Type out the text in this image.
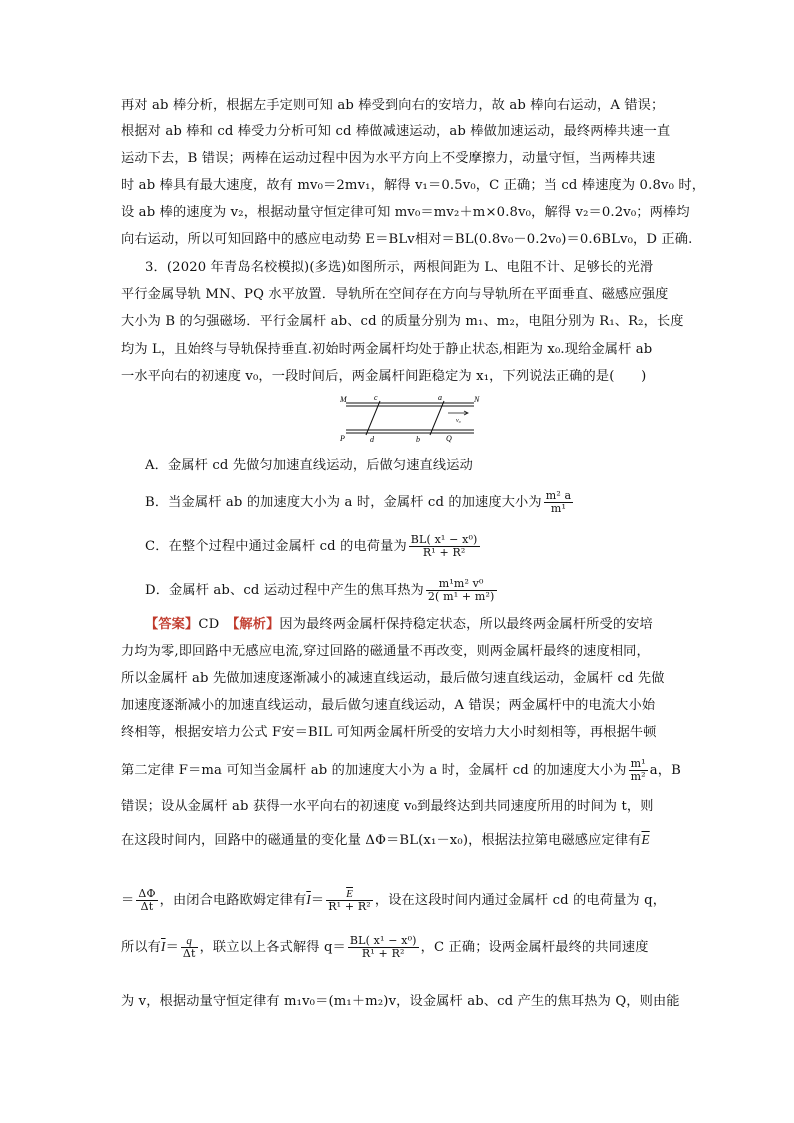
再对 ab 棒分析，根据左手定则可知 ab 棒受到向右的安培力，故 ab 棒向右运动，A 错误；
根据对 ab 棒和 cd 棒受力分析可知 cd 棒做减速运动，ab 棒做加速运动，最终两棒共速一直
运动下去，B 错误；两棒在运动过程中因为水平方向上不受摩擦力，动量守恒，当两棒共速
时 ab 棒具有最大速度，故有 mv₀＝2mv₁，解得 v₁＝0.5v₀，C 正确；当 cd 棒速度为 0.8v₀ 时，
设 ab 棒的速度为 v₂，根据动量守恒定律可知 mv₀＝mv₂＋m×0.8v₀，解得 v₂＝0.2v₀；两棒均
向右运动，所以可知回路中的感应电动势 E＝BLv相对＝BL(0.8v₀－0.2v₀)＝0.6BLv₀，D 正确.
3．(2020 年青岛名校模拟)(多选)如图所示，两根间距为 L、电阻不计、足够长的光滑
平行金属导轨 MN、PQ 水平放置．导轨所在空间存在方向与导轨所在平面垂直、磁感应强度
大小为 B 的匀强磁场．平行金属杆 ab、cd 的质量分别为 m₁、m₂，电阻分别为 R₁、R₂，长度
均为 L，且始终与导轨保持垂直.初始时两金属杆均处于静止状态,相距为 x₀.现给金属杆 ab
一水平向右的初速度 v₀，一段时间后，两金属杆间距稳定为 x₁，下列说法正确的是(　　)
M	N
P	Q
c	a
d	b
v₀
A．金属杆 cd 先做匀加速直线运动，后做匀速直线运动
B．当金属杆 ab 的加速度大小为 a 时，金属杆 cd 的加速度大小为 $\frac{\text{m² a}}{\text{m¹}}$
C．在整个过程中通过金属杆 cd 的电荷量为 $\frac{\text{BL( x¹ − x⁰)}}{\text{R¹ + R²}}$
D．金属杆 ab、cd 运动过程中产生的焦耳热为 $\frac{\text{m¹m² v⁰}}{\text{2( m¹ + m²)}}$
【答案】CD　 【解析】因为最终两金属杆保持稳定状态，所以最终两金属杆所受的安培
力均为零,即回路中无感应电流,穿过回路的磁通量不再改变，则两金属杆最终的速度相同，
所以金属杆 ab 先做加速度逐渐减小的减速直线运动，最后做匀速直线运动，金属杆 cd 先做
加速度逐渐减小的加速直线运动，最后做匀速直线运动，A 错误；两金属杆中的电流大小始
终相等，根据安培力公式 F安＝BIL 可知两金属杆所受的安培力大小时刻相等，再根据牛顿
第二定律 F＝ma 可知当金属杆 ab 的加速度大小为 a 时，金属杆 cd 的加速度大小为 $\frac{\text{m¹}}{\text{m²}}$ a，B
错误；设从金属杆 ab 获得一水平向右的初速度 v₀到最终达到共同速度所用的时间为 t，则
在这段时间内，回路中的磁通量的变化量 ΔΦ＝BL(x₁－x₀)，根据法拉第电磁感应定律有$\overline{E}$
＝ $\frac{\Delta\Phi}{\Delta t}$ ，由闭合电路欧姆定律有$\overline{I}= \frac{\overline{E}}{\text{R¹ + R²}}$ ，设在这段时间内通过金属杆 cd 的电荷量为 q，
所以有$\overline{I}= \frac{q}{\Delta t}$ ，联立以上各式解得 $q= \frac{\text{BL( x¹ − x⁰)}}{\text{R¹ + R²}}$ ，C 正确；设两金属杆最终的共同速度
为 v，根据动量守恒定律有 m₁v₀＝(m₁＋m₂)v，设金属杆 ab、cd 产生的焦耳热为 Q，则由能
